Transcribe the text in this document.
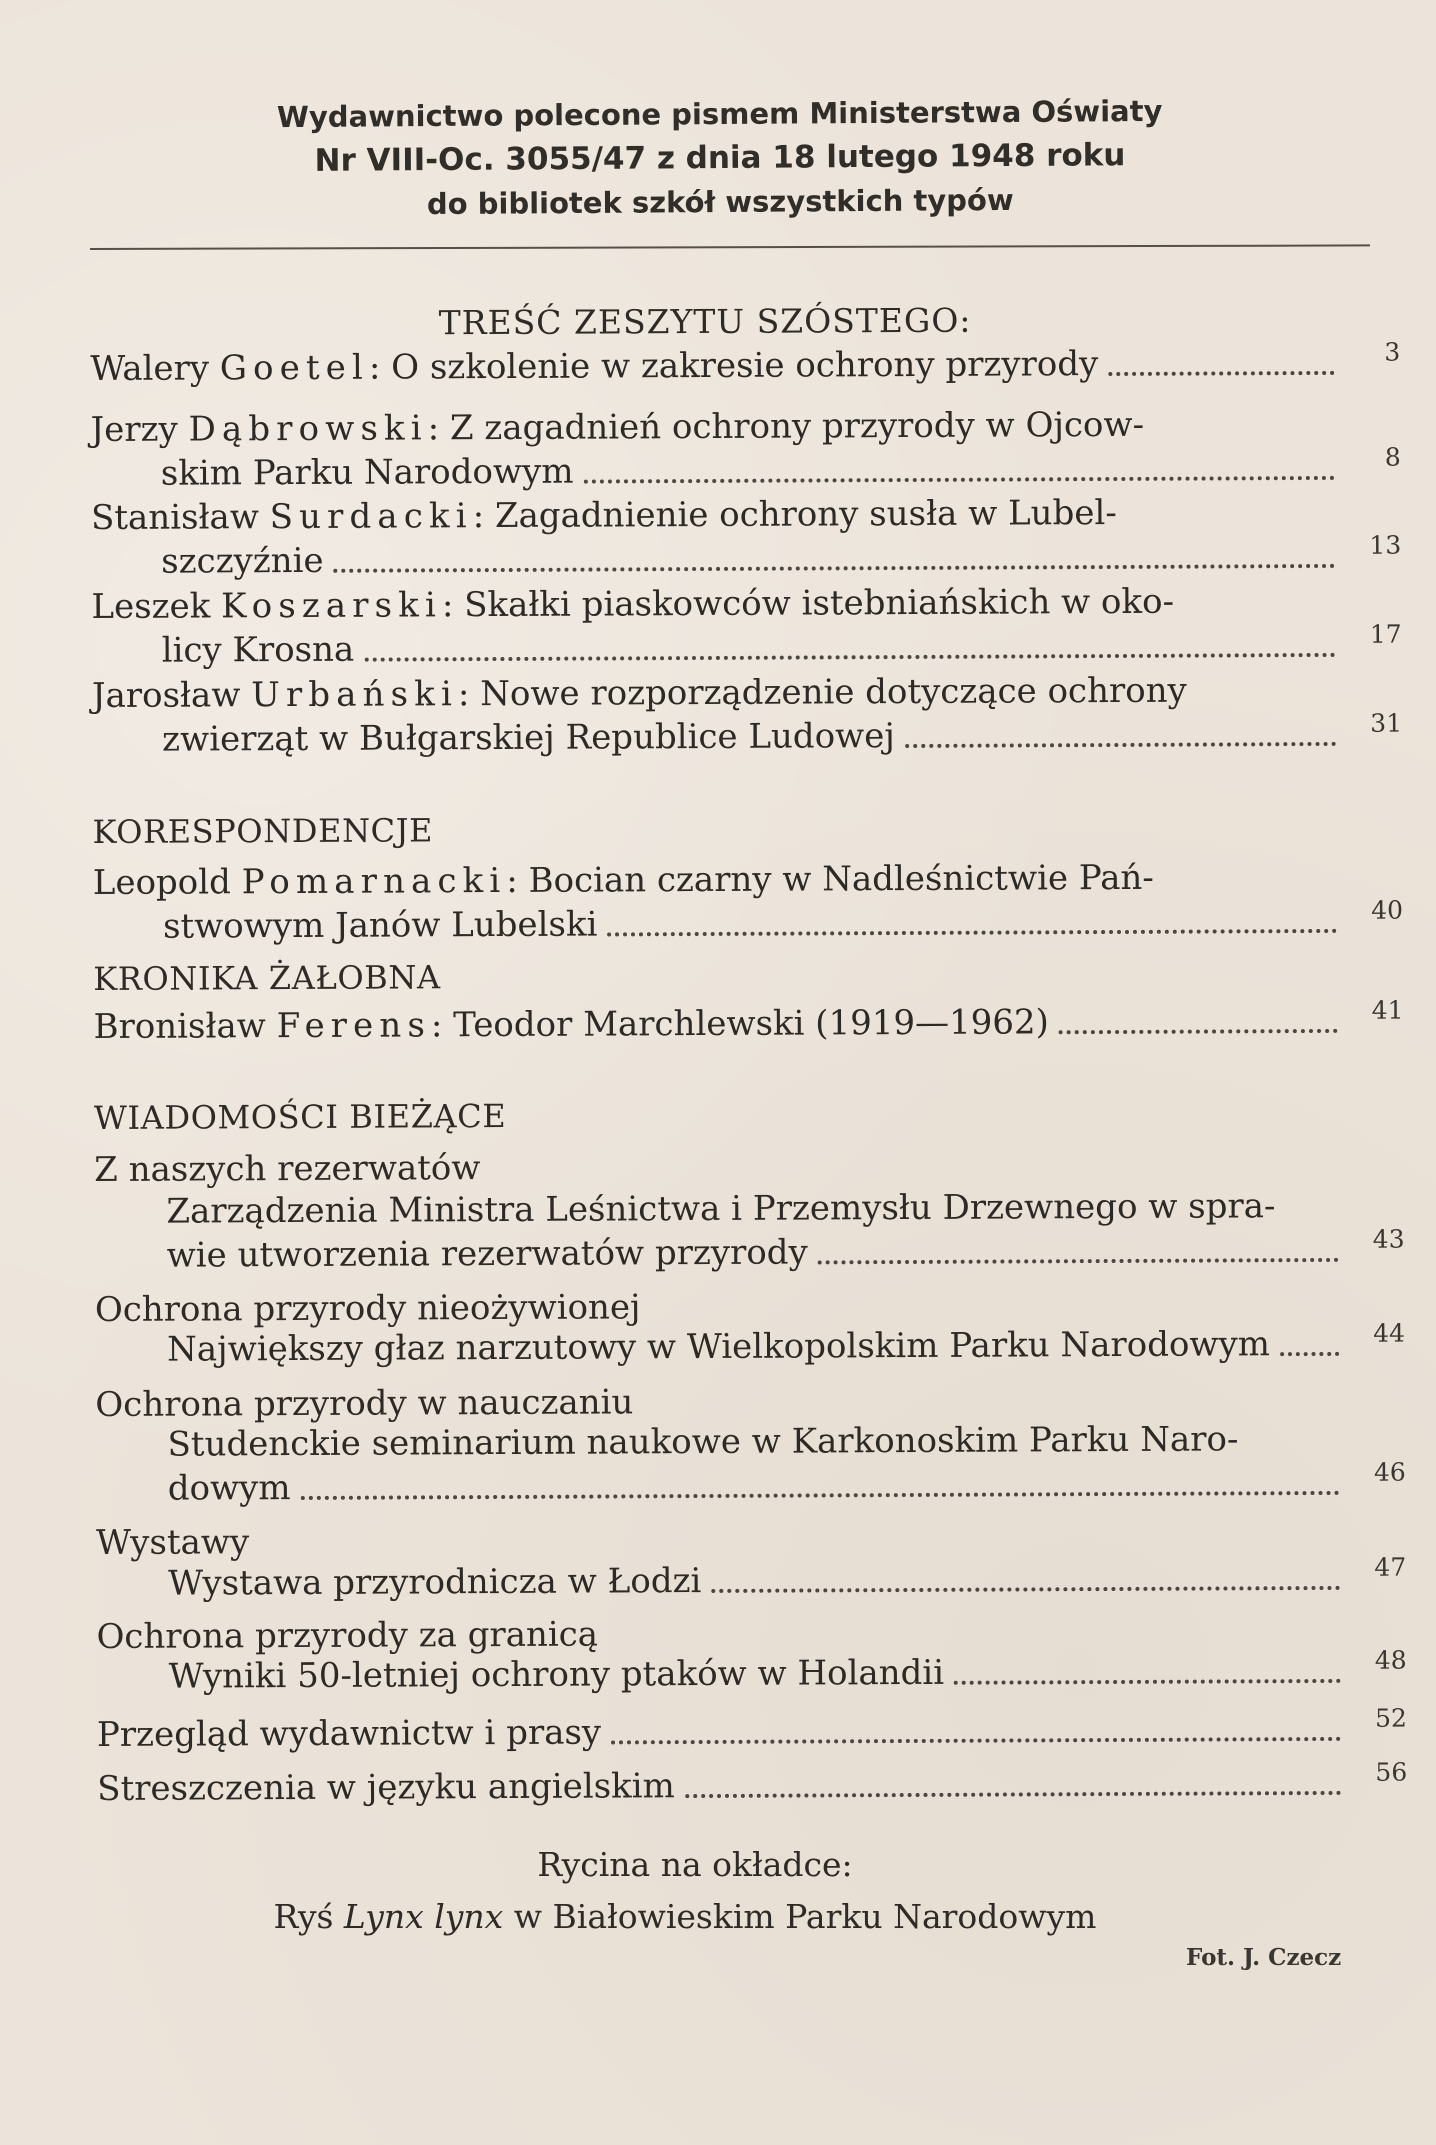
Wydawnictwo polecone pismem Ministerstwa Oświaty
Nr VIII-Oc. 3055/47 z dnia 18 lutego 1948 roku
do bibliotek szkół wszystkich typów
TREŚĆ ZESZYTU SZÓSTEGO:
Walery Goetel: O szkolenie w zakresie ochrony przyrody	3
Jerzy Dąbrowski: Z zagadnień ochrony przyrody w Ojcow-
skim Parku Narodowym	8
Stanisław Surdacki: Zagadnienie ochrony susła w Lubel-
szczyźnie	13
Leszek Koszarski: Skałki piaskowców istebniańskich w oko-
licy Krosna	17
Jarosław Urbański: Nowe rozporządzenie dotyczące ochrony
zwierząt w Bułgarskiej Republice Ludowej	31
KORESPONDENCJE
Leopold Pomarnacki: Bocian czarny w Nadleśnictwie Pań-
stwowym Janów Lubelski	40
KRONIKA ŻAŁOBNA
Bronisław Ferens: Teodor Marchlewski (1919—1962)	41
WIADOMOŚCI BIEŻĄCE
Z naszych rezerwatów
Zarządzenia Ministra Leśnictwa i Przemysłu Drzewnego w spra-
wie utworzenia rezerwatów przyrody	43
Ochrona przyrody nieożywionej
Największy głaz narzutowy w Wielkopolskim Parku Narodowym	44
Ochrona przyrody w nauczaniu
Studenckie seminarium naukowe w Karkonoskim Parku Naro-
dowym	46
Wystawy
Wystawa przyrodnicza w Łodzi	47
Ochrona przyrody za granicą
Wyniki 50-letniej ochrony ptaków w Holandii	48
Przegląd wydawnictw i prasy	52
Streszczenia w języku angielskim	56
Rycina na okładce:
Ryś Lynx lynx w Białowieskim Parku Narodowym
Fot. J. Czecz
